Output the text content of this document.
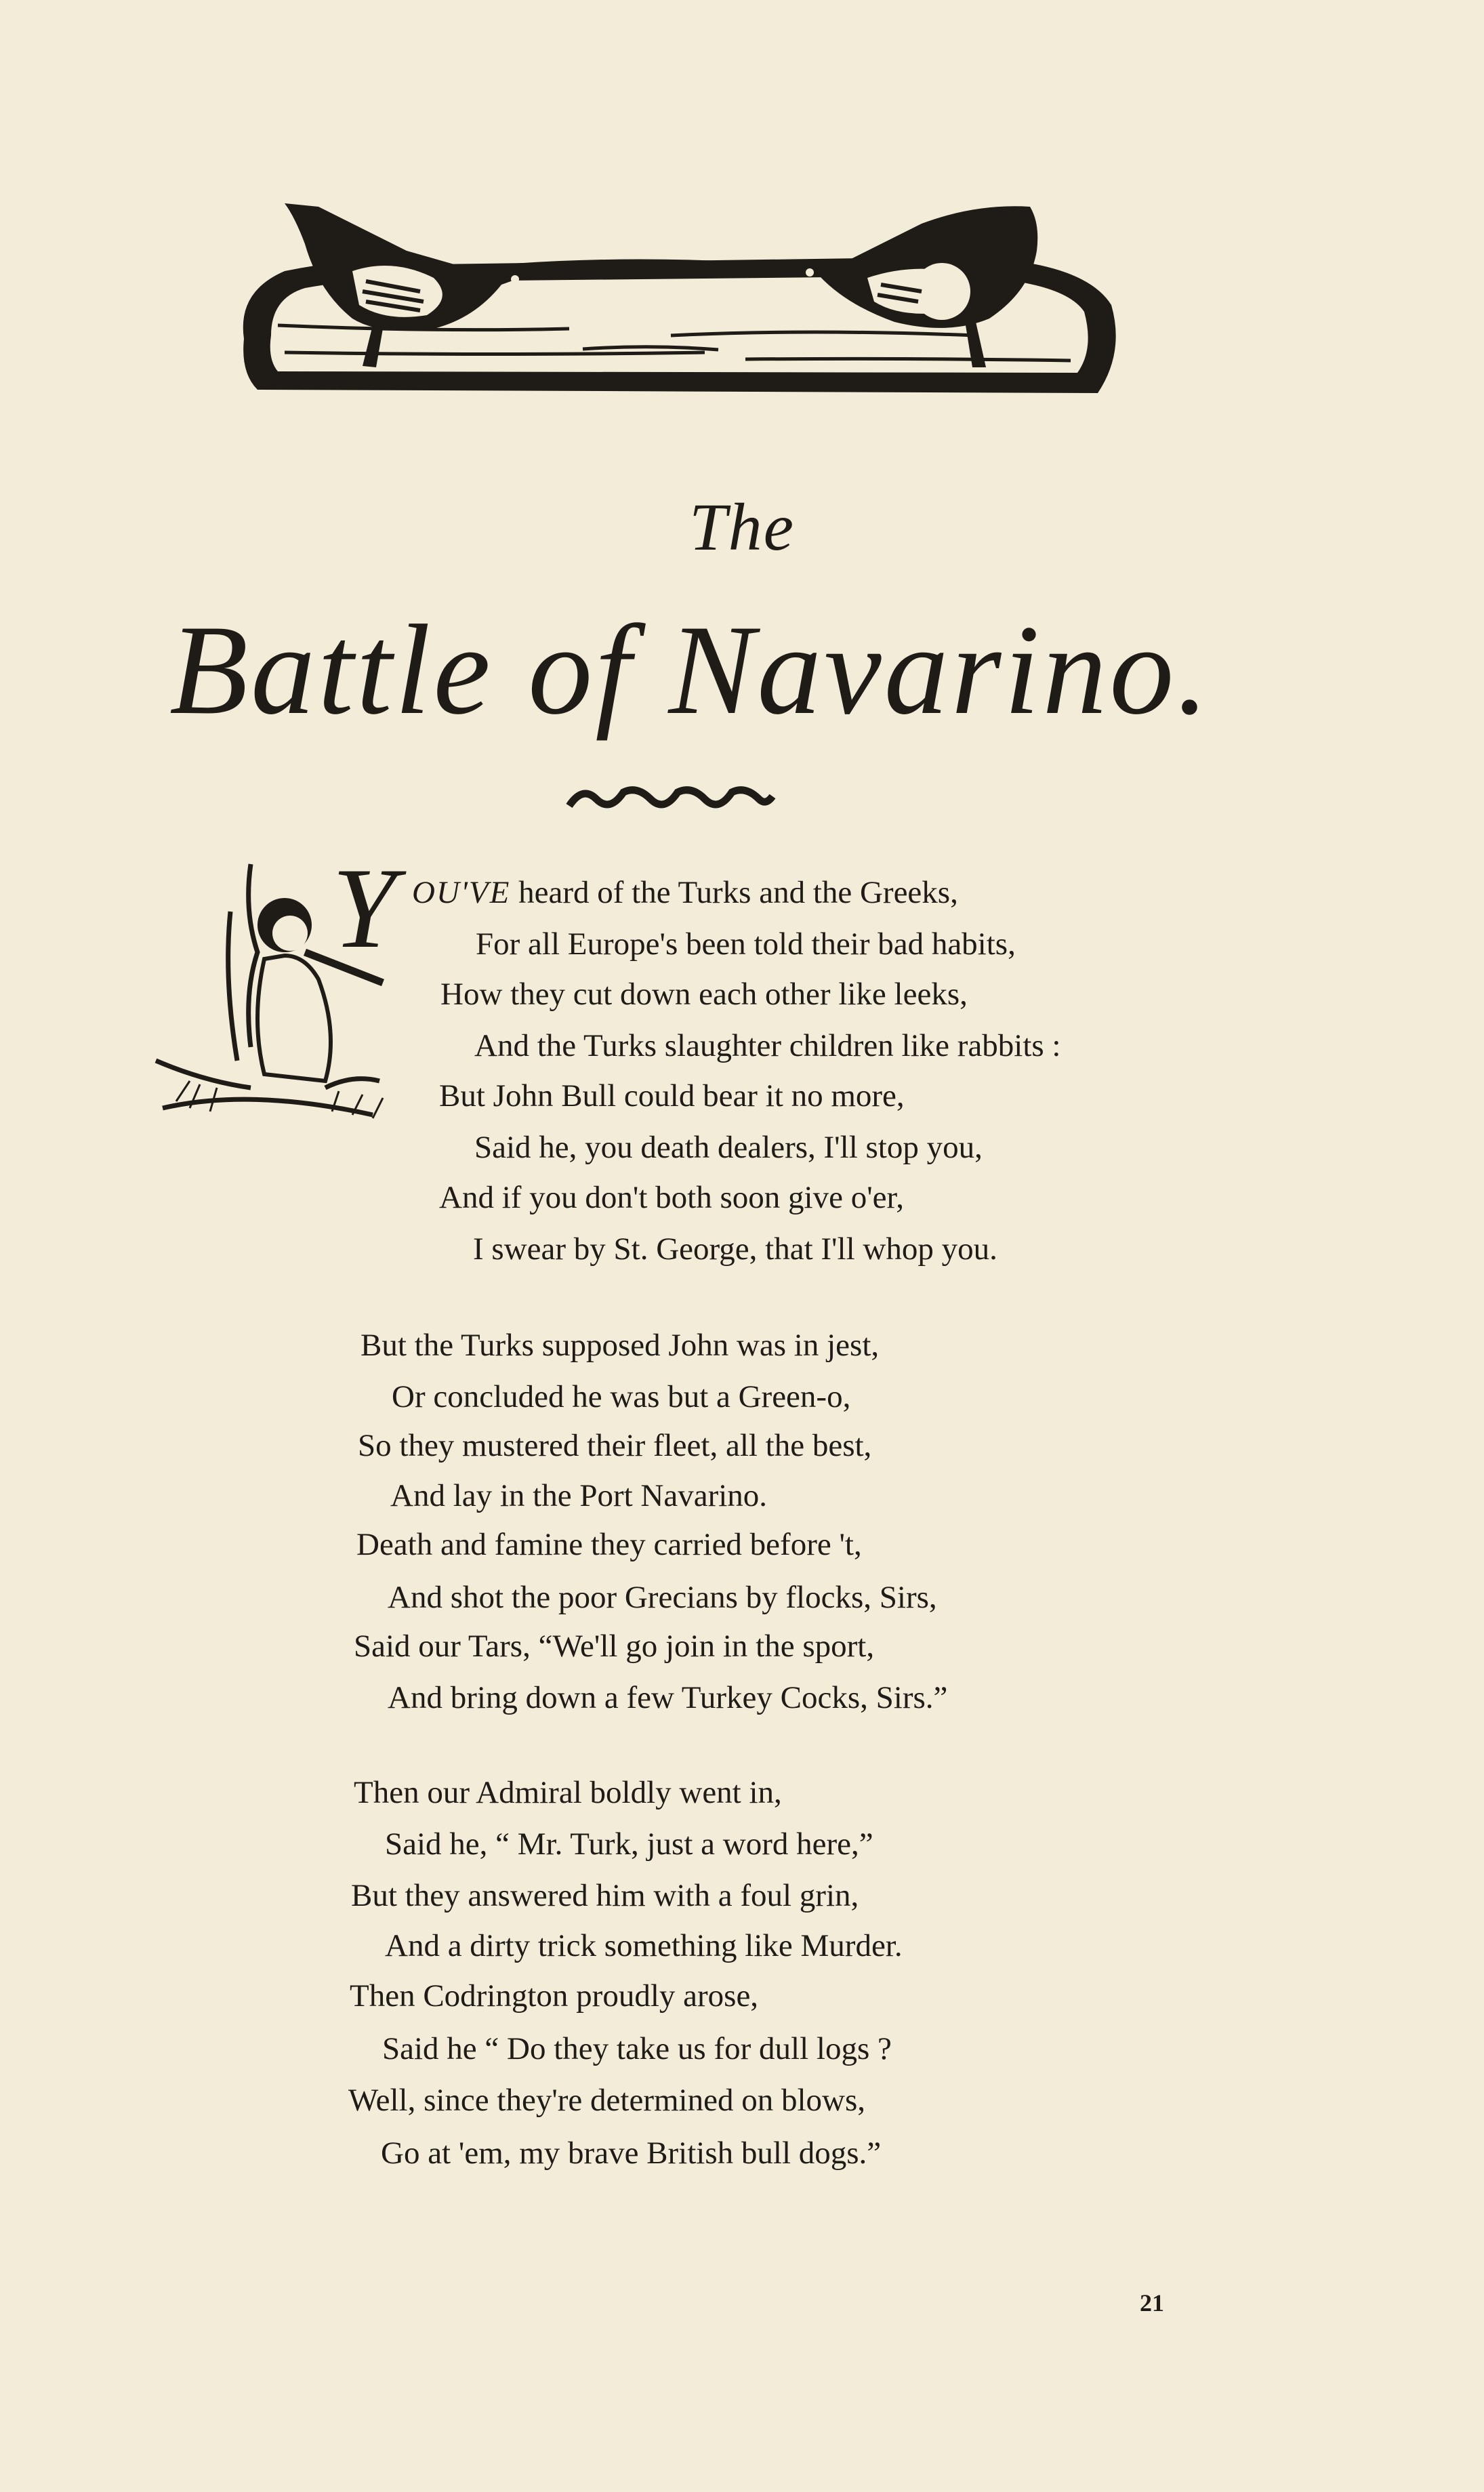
The
Battle of Navarino.
Y OU'VE heard of the Turks and the Greeks,
For all Europe's been told their bad habits,
How they cut down each other like leeks,
And the Turks slaughter children like rabbits :
But John Bull could bear it no more,
Said he, you death dealers, I'll stop you,
And if you don't both soon give o'er,
I swear by St. George, that I'll whop you.
But the Turks supposed John was in jest,
Or concluded he was but a Green-o,
So they mustered their fleet, all the best,
And lay in the Port Navarino.
Death and famine they carried before 't,
And shot the poor Grecians by flocks, Sirs,
Said our Tars, “We'll go join in the sport,
And bring down a few Turkey Cocks, Sirs.”
Then our Admiral boldly went in,
Said he, “ Mr. Turk, just a word here,”
But they answered him with a foul grin,
And a dirty trick something like Murder.
Then Codrington proudly arose,
Said he “ Do they take us for dull logs ?
Well, since they're determined on blows,
Go at 'em, my brave British bull dogs.”
21
